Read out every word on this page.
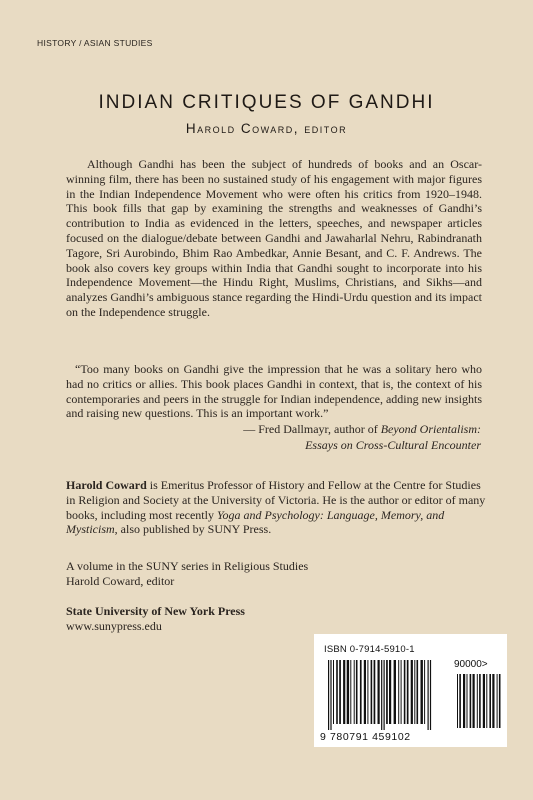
HISTORY / ASIAN STUDIES
INDIAN CRITIQUES OF GANDHI
Harold Coward, editor
Although Gandhi has been the subject of hundreds of books and an Oscar-winning film, there has been no sustained study of his engagement with major figures in the Indian Independence Movement who were often his critics from 1920–1948. This book fills that gap by examining the strengths and weaknesses of Gandhi’s contribution to India as evidenced in the letters, speeches, and newspaper articles focused on the dialogue/debate between Gandhi and Jawaharlal Nehru, Rabindranath Tagore, Sri Aurobindo, Bhim Rao Ambedkar, Annie Besant, and C. F. Andrews. The book also covers key groups within India that Gandhi sought to incorporate into his Independence Movement—the Hindu Right, Muslims, Christians, and Sikhs—and analyzes Gandhi’s ambiguous stance regarding the Hindi-Urdu question and its impact on the Independence struggle.
“Too many books on Gandhi give the impression that he was a solitary hero who had no critics or allies. This book places Gandhi in context, that is, the context of his contemporaries and peers in the struggle for Indian independence, adding new insights and raising new questions. This is an important work.”
— Fred Dallmayr, author of Beyond Orientalism:
Essays on Cross-Cultural Encounter
Harold Coward is Emeritus Professor of History and Fellow at the Centre for Studies in Religion and Society at the University of Victoria. He is the author or editor of many books, including most recently Yoga and Psychology: Language, Memory, and Mysticism, also published by SUNY Press.
A volume in the SUNY series in Religious Studies
Harold Coward, editor
State University of New York Press
www.sunypress.edu
ISBN 0-7914-5910-1
90000>
9 780791 459102
